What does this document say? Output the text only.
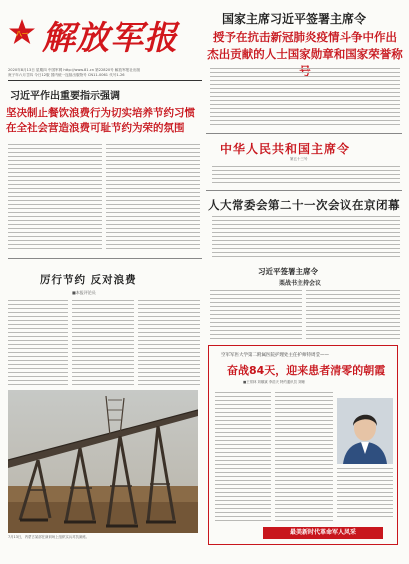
八一 解放军报
2020年8月13日 星期四 中国军网 http://www.81.cn 第22820号 解放军报社出版
庚子年六月廿四 今日12版 国内统一连续出版物号 CN11-0061 代号1-26
国家主席习近平签署主席令
授予在抗击新冠肺炎疫情斗争中作出
杰出贡献的人士国家勋章和国家荣誉称
习近平作出重要指示强调
坚决制止餐饮浪费行为切实培养节约习惯
在全社会营造浪费可耻节约为荣的氛围
中华人民共和国主席令
第五十三号
人大常委会第二十一次会议在京闭幕
习近平签署主席令
栗战书主持会议
厉行节约 反对浪费
■本报评论员
7月13日，内蒙古某部在演训场上组织实兵对抗演练。
空军军医大学第二附属医院护理处主任护师特周莹——
奋战84天，迎来患者清零的朝霞
■王常林 刘顺斌 李浩天 特约通讯员 刘姗
最美新时代革命军人风采
